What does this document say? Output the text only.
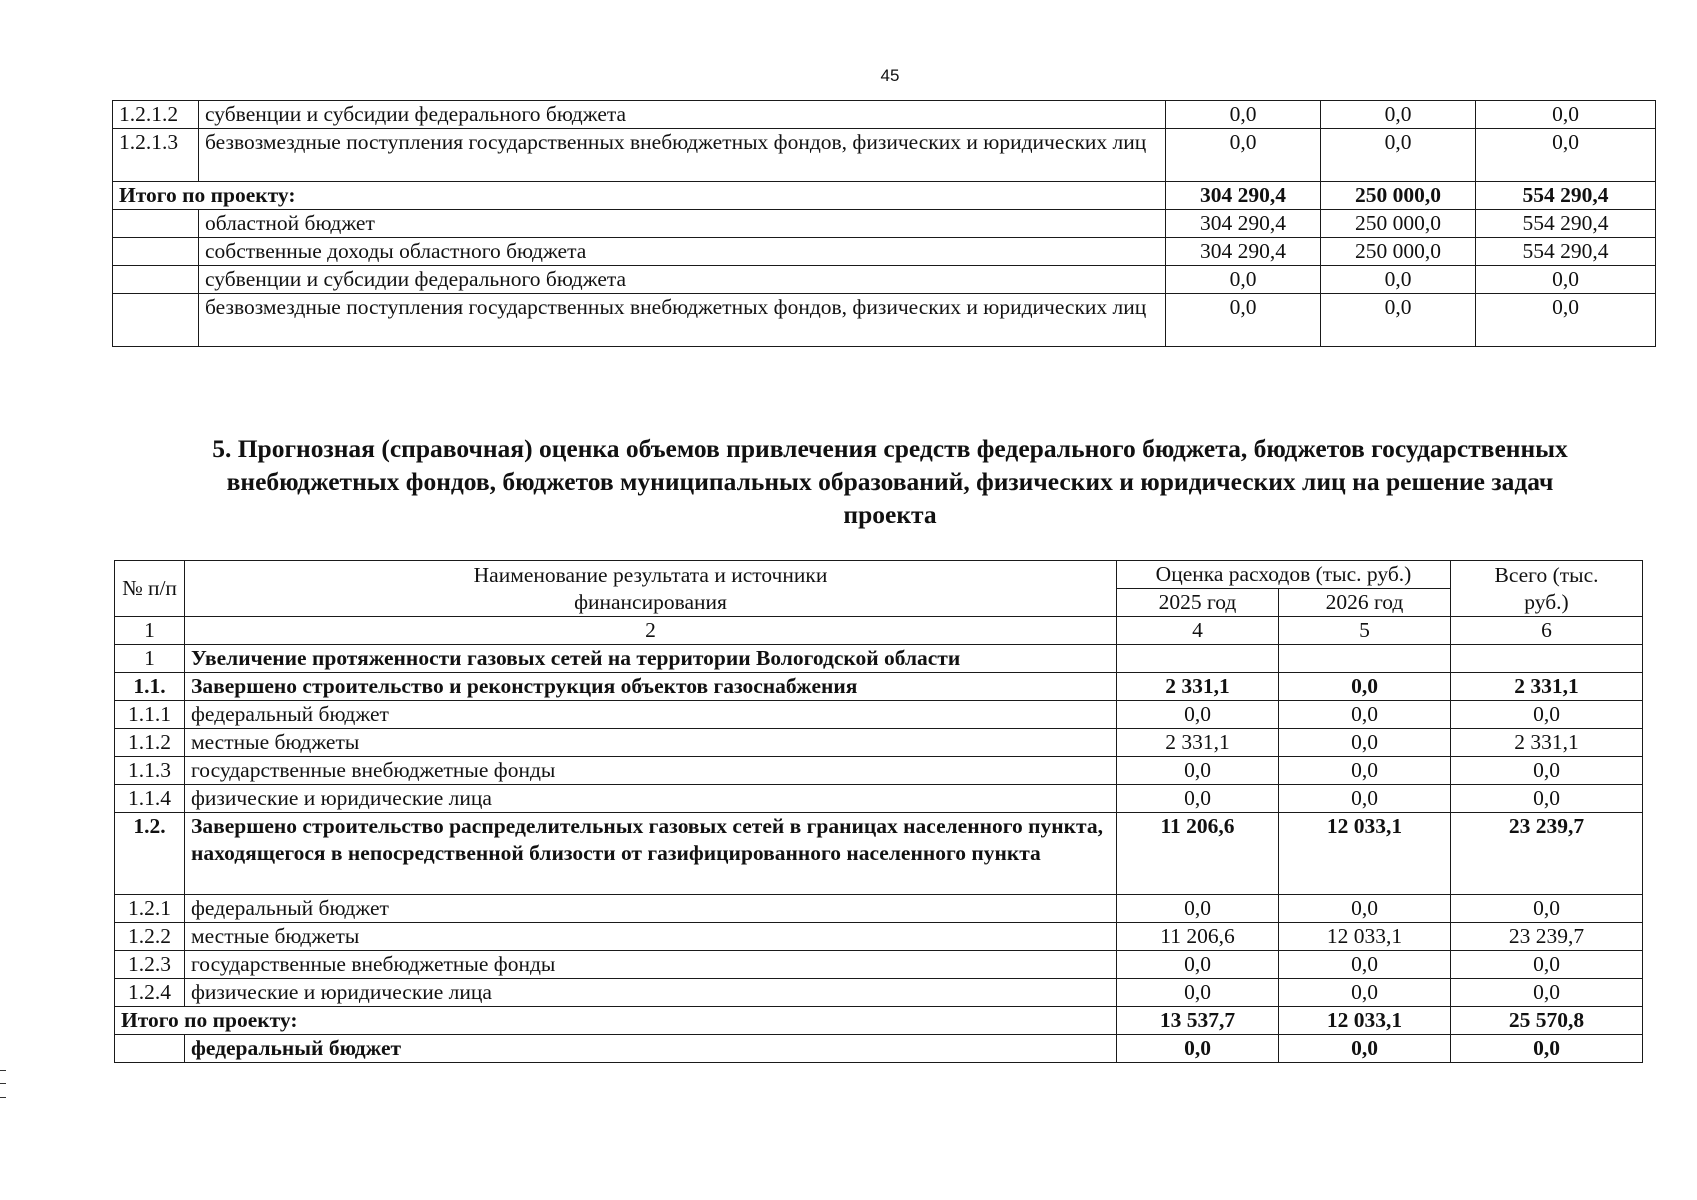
45
1.2.1.2	субвенции и субсидии федерального бюджета	0,0	0,0	0,0
1.2.1.3	безвозмездные поступления государственных внебюджетных фондов, физических и юридических лиц	0,0	0,0	0,0
Итого по проекту:		304 290,4	250 000,0	554 290,4
	областной бюджет	304 290,4	250 000,0	554 290,4
	собственные доходы областного бюджета	304 290,4	250 000,0	554 290,4
	субвенции и субсидии федерального бюджета	0,0	0,0	0,0
	безвозмездные поступления государственных внебюджетных фондов, физических и юридических лиц	0,0	0,0	0,0
5. Прогнозная (справочная) оценка объемов привлечения средств федерального бюджета, бюджетов государственных внебюджетных фондов, бюджетов муниципальных образований, физических и юридических лиц на решение задач проекта
№ п/п	Наименование результата и источники финансирования	Оценка расходов (тыс. руб.)		Всего (тыс. руб.)
		2025 год	2026 год	
1	2	4	5	6
1	Увеличение протяженности газовых сетей на территории Вологодской области			
1.1.	Завершено строительство и реконструкция объектов газоснабжения	2 331,1	0,0	2 331,1
1.1.1	федеральный бюджет	0,0	0,0	0,0
1.1.2	местные бюджеты	2 331,1	0,0	2 331,1
1.1.3	государственные внебюджетные фонды	0,0	0,0	0,0
1.1.4	физические и юридические лица	0,0	0,0	0,0
1.2.	Завершено строительство распределительных газовых сетей в границах населенного пункта, находящегося в непосредственной близости от газифицированного населенного пункта	11 206,6	12 033,1	23 239,7
1.2.1	федеральный бюджет	0,0	0,0	0,0
1.2.2	местные бюджеты	11 206,6	12 033,1	23 239,7
1.2.3	государственные внебюджетные фонды	0,0	0,0	0,0
1.2.4	физические и юридические лица	0,0	0,0	0,0
Итого по проекту:		13 537,7	12 033,1	25 570,8
	федеральный бюджет	0,0	0,0	0,0
